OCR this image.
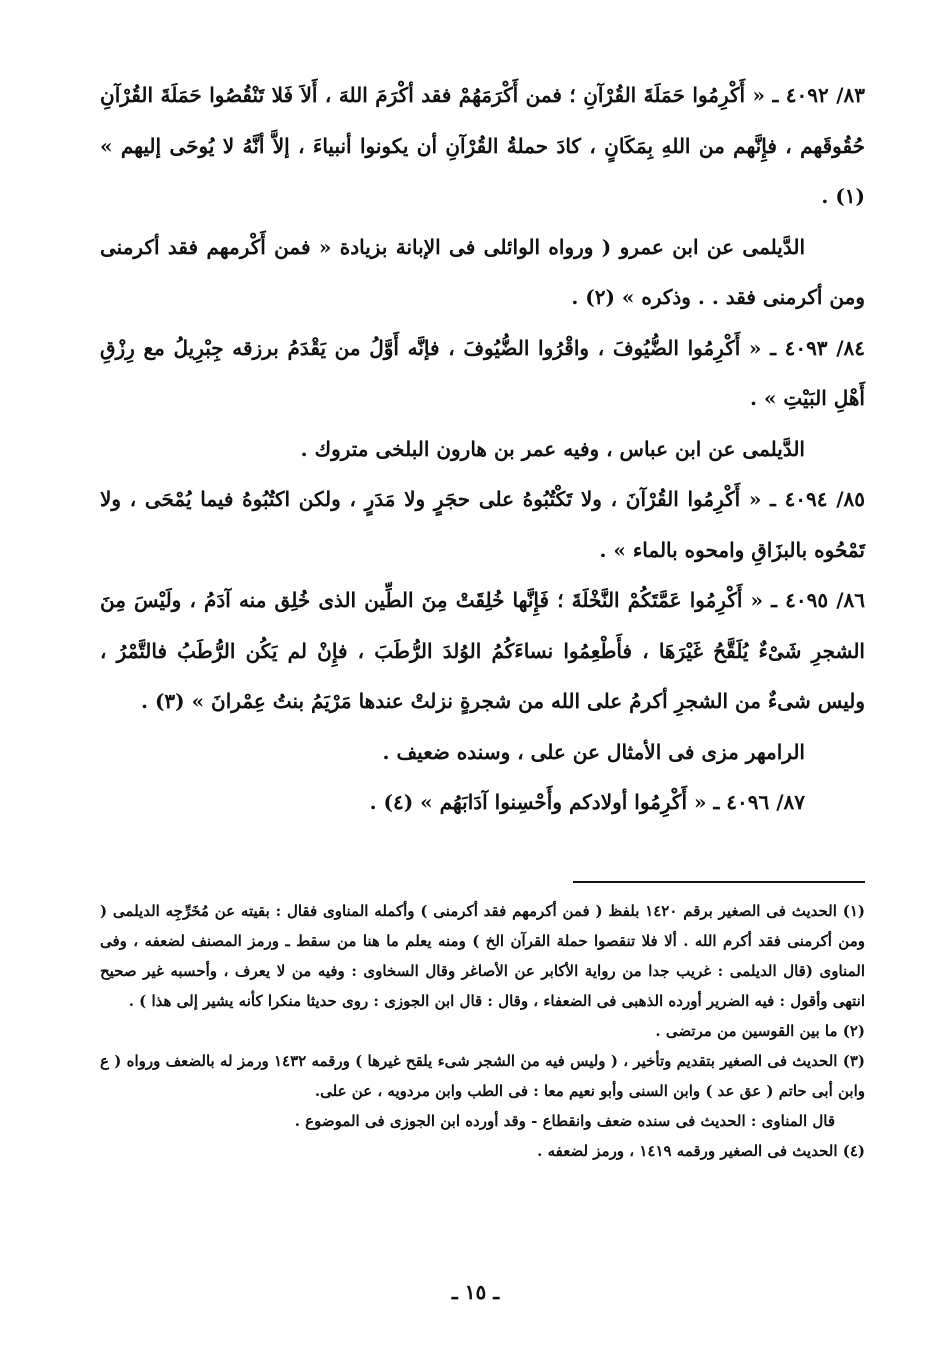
٨٣/ ٤٠٩٢ ـ « أَكْرِمُوا حَمَلَةَ القُرْآنِ ؛ فمن أَكْرَمَهُمْ فقد أكْرَمَ اللهَ ، أَلاَ فَلا تَنْقُصُوا حَمَلَةَ القُرْآنِ حُقُوقَهم ، فإِنَّهم من اللهِ بِمَكَانٍ ، كادَ حملةُ القُرْآنِ أن يكونوا أنبياءَ ، إلاَّ أنَّهُ لا يُوحَى إليهم » (١) .

الدَّيلمى عن ابن عمرو ( ورواه الوائلى فى الإبانة بزيادة « فمن أَكْرمهم فقد أكرمنى ومن أكرمنى فقد . . وذكره » (٢) .

٨٤/ ٤٠٩٣ ـ « أَكْرِمُوا الضُّيُوفَ ، واقْرُوا الضُّيُوفَ ، فإنَّه أَوَّلُ من يَقْدَمُ برزقه جِبْرِيلُ مع رِزْقِ أَهْلِ البَيْتِ » .

الدَّيلمى عن ابن عباس ، وفيه عمر بن هارون البلخى متروك .

٨٥/ ٤٠٩٤ ـ « أَكْرِمُوا القُرْآنَ ، ولا تَكْتُبُوهُ على حجَرٍ ولا مَدَرٍ ، ولكن اكتُبُوهُ فيما يُمْحَى ، ولا تَمْحُوه بالبزَاقِ وامحوه بالماء » .

٨٦/ ٤٠٩٥ ـ « أَكْرِمُوا عَمَّتَكُمْ النَّخْلَةَ ؛ فَإِنَّها خُلِقَتْ مِنَ الطِّين الذى خُلِق منه آدَمُ ، ولَيْسَ مِنَ الشجرِ شَىْءٌ يُلَقَّحُ غَيْرَهَا ، فأَطْعِمُوا نساءَكُمُ الوُلدَ الرُّطَبَ ، فإِنْ لم يَكُن الرُّطَبُ فالتَّمْرُ ، وليس شىءٌ من الشجرِ أكرمُ على الله من شجرةٍ نزلتْ عندها مَرْيَمُ بنتُ عِمْرانَ » (٣) .

الرامهر مزى فى الأمثال عن على ، وسنده ضعيف .

٨٧/ ٤٠٩٦ ـ « أَكْرِمُوا أولادكم وأَحْسِنوا آدَابَهُم » (٤) .

(١) الحديث فى الصغير برقم ١٤٢٠ بلفظ ( فمن أكرمهم فقد أكرمنى ) وأكمله المناوى فقال : بقيته عن مُخَرِّجِه الديلمى ( ومن أكرمنى فقد أكرم الله . ألا فلا تنقصوا حملة القرآن الخ ) ومنه يعلم ما هنا من سقط ـ ورمز المصنف لضعفه ، وفى المناوى (قال الديلمى : غريب جدا من رواية الأكابر عن الأصاغر وقال السخاوى : وفيه من لا يعرف ، وأحسبه غير صحيح انتهى وأقول : فيه الضرير أورده الذهبى فى الضعفاء ، وقال : قال ابن الجوزى : روى حديثا منكرا كأنه يشير إلى هذا ) .

(٢) ما بين القوسين من مرتضى .

(٣) الحديث فى الصغير بتقديم وتأخير ، ( وليس فيه من الشجر شىء يلقح غيرها ) ورقمه ١٤٣٢ ورمز له بالضعف ورواه ( ع وابن أبى حاتم ( عق عد ) وابن السنى وأبو نعيم معا : فى الطب وابن مردويه ، عن على.

قال المناوى : الحديث فى سنده ضعف وانقطاع - وقد أورده ابن الجوزى فى الموضوع .

(٤) الحديث فى الصغير ورقمه ١٤١٩ ، ورمز لضعفه .

ـ ١٥ ـ
